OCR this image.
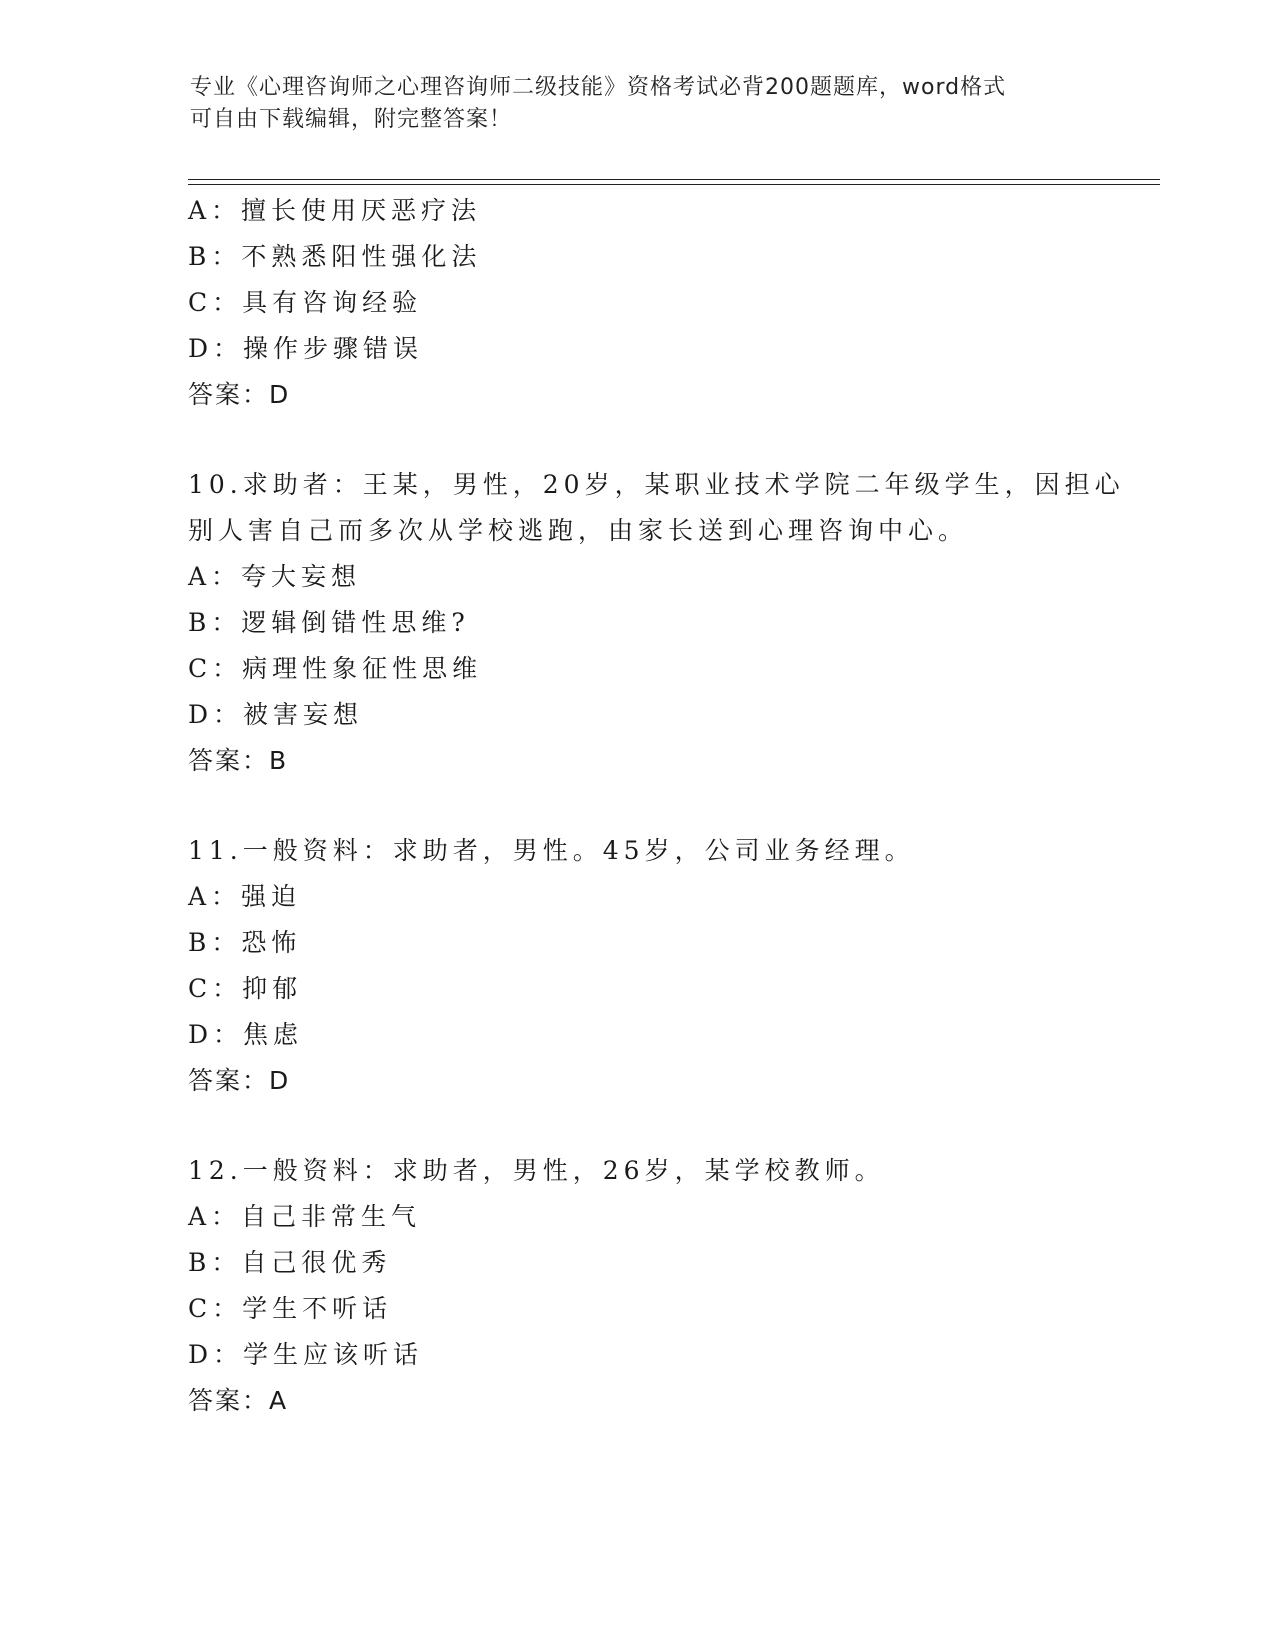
专业《心理咨询师之心理咨询师二级技能》资格考试必背200题题库，word格式
可自由下载编辑，附完整答案！
A：擅长使用厌恶疗法
B：不熟悉阳性强化法
C：具有咨询经验
D：操作步骤错误
答案：D
10.求助者：王某，男性，20岁，某职业技术学院二年级学生，因担心
别人害自己而多次从学校逃跑，由家长送到心理咨询中心。
A：夸大妄想
B：逻辑倒错性思维?
C：病理性象征性思维
D：被害妄想
答案：B
11.一般资料：求助者，男性。45岁，公司业务经理。
A：强迫
B：恐怖
C：抑郁
D：焦虑
答案：D
12.一般资料：求助者，男性，26岁，某学校教师。
A：自己非常生气
B：自己很优秀
C：学生不听话
D：学生应该听话
答案：A
